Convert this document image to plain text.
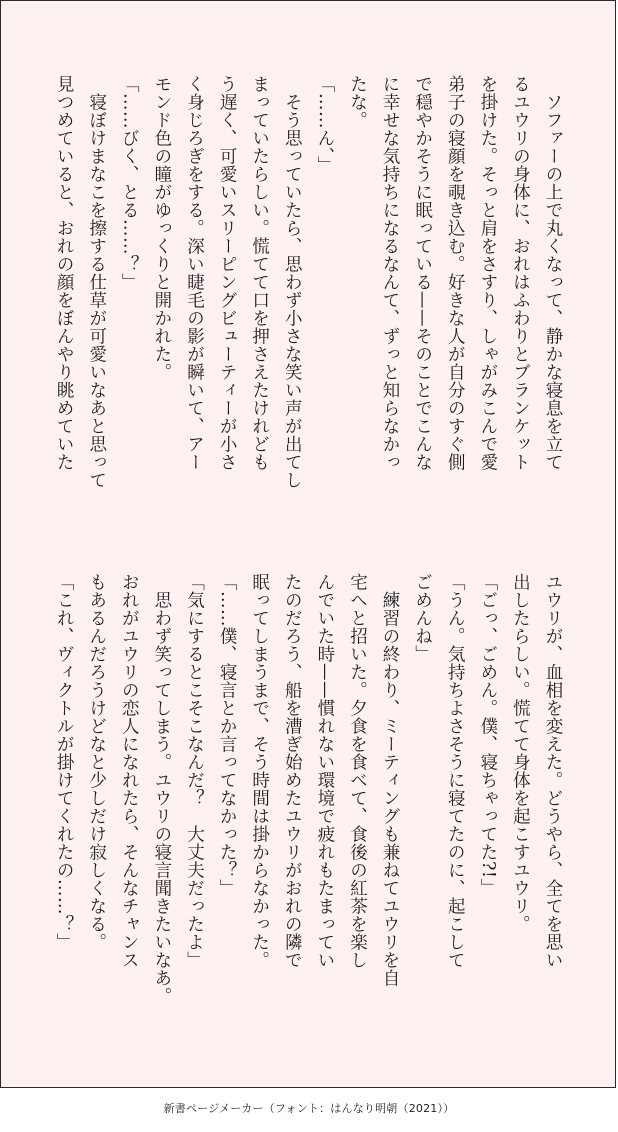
　ソファーの上で丸くなって、静かな寝息を立て
るユウリの身体に、おれはふわりとブランケット
を掛けた。そっと肩をさすり、しゃがみこんで愛
弟子の寝顔を覗き込む。好きな人が自分のすぐ側
で穏やかそうに眠っている——そのことでこんな
に幸せな気持ちになるなんて、ずっと知らなかっ
たな。
「……ん、」
　そう思っていたら、思わず小さな笑い声が出てし
まっていたらしい。慌てて口を押さえたけれども
う遅く、可愛いスリーピングビューティーが小さ
く身じろぎをする。深い睫毛の影が瞬いて、アー
モンド色の瞳がゆっくりと開かれた。
「……びく、とる……？」
　寝ぼけまなこを擦する仕草が可愛いなあと思って
見つめていると、おれの顔をぼんやり眺めていた
ユウリが、血相を変えた。どうやら、全てを思い
出したらしい。慌てて身体を起こすユウリ。
「ごっ、ごめん。僕、寝ちゃってた?!」
「うん。気持ちよさそうに寝てたのに、起こして
ごめんね」
　練習の終わり、ミーティングも兼ねてユウリを自
宅へと招いた。夕食を食べて、食後の紅茶を楽し
んでいた時——慣れない環境で疲れもたまってい
たのだろう、船を漕ぎ始めたユウリがおれの隣で
眠ってしまうまで、そう時間は掛からなかった。
「……僕、寝言とか言ってなかった？」
「気にするとこそこなんだ？　大丈夫だったよ」
　思わず笑ってしまう。ユウリの寝言聞きたいなあ。
おれがユウリの恋人になれたら、そんなチャンス
もあるんだろうけどなと少しだけ寂しくなる。
「これ、ヴィクトルが掛けてくれたの……？」
新書ページメーカー（フォント：はんなり明朝（2021））
